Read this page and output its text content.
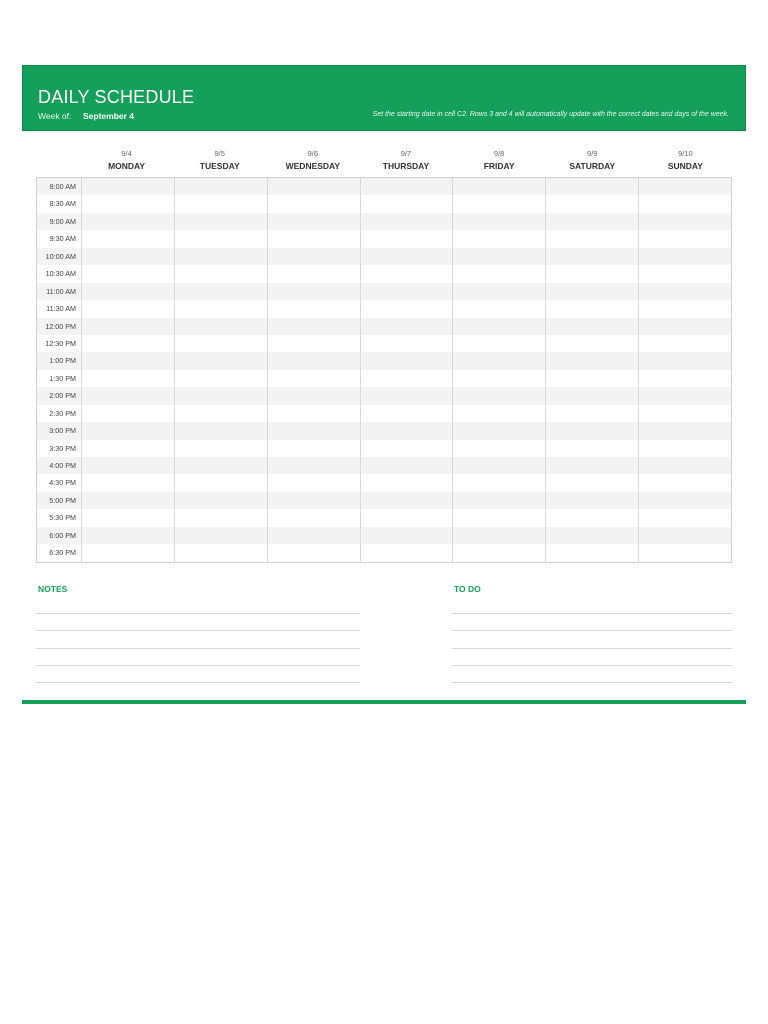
DAILY SCHEDULE
Week of: September 4	Set the starting date in cell C2. Rows 3 and 4 will automatically update with the correct dates and days of the week.
9/4
MONDAY
9/5
TUESDAY
9/6
WEDNESDAY
9/7
THURSDAY
9/8
FRIDAY
9/9
SATURDAY
9/10
SUNDAY
8:00 AM
8:30 AM
9:00 AM
9:30 AM
10:00 AM
10:30 AM
11:00 AM
11:30 AM
12:00 PM
12:30 PM
1:00 PM
1:30 PM
2:00 PM
2:30 PM
3:00 PM
3:30 PM
4:00 PM
4:30 PM
5:00 PM
5:30 PM
6:00 PM
6:30 PM
NOTES	TO DO
